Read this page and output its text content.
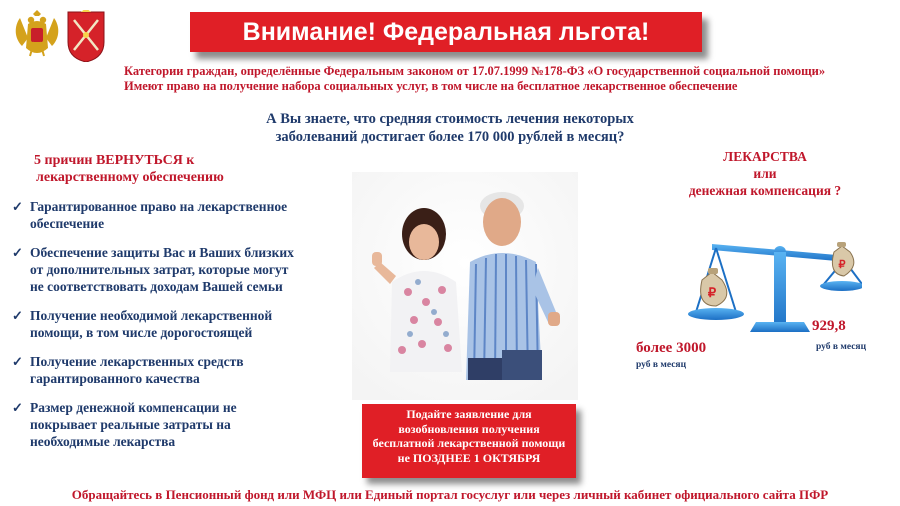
Внимание! Федеральная льгота!
Категории граждан, определённые Федеральным законом от 17.07.1999 №178-ФЗ «О государственной социальной помощи»
Имеют право на получение набора социальных услуг, в том числе на бесплатное лекарственное обеспечение
А Вы знаете, что средняя стоимость лечения некоторых
заболеваний достигает более 170 000 рублей в месяц?
5 причин ВЕРНУТЬСЯ к
лекарственному обеспечению
✓ Гарантированное право на лекарственное
обеспечение
✓ Обеспечение защиты Вас и Ваших близких
от дополнительных затрат, которые могут
не соответствовать доходам Вашей семьи
✓ Получение необходимой лекарственной
помощи, в том числе дорогостоящей
✓ Получение лекарственных средств
гарантированного качества
✓ Размер денежной компенсации не
покрывает реальные затраты на
необходимые лекарства
Подайте заявление для
возобновления получения
бесплатной лекарственной помощи
не ПОЗДНЕЕ 1 ОКТЯБРЯ
ЛЕКАРСТВА
или
денежная компенсация ?
₽
₽
929,8
руб в месяц
более 3000
руб в месяц
Обращайтесь в Пенсионный фонд или МФЦ или Единый портал госуслуг или через личный кабинет официального сайта ПФР
